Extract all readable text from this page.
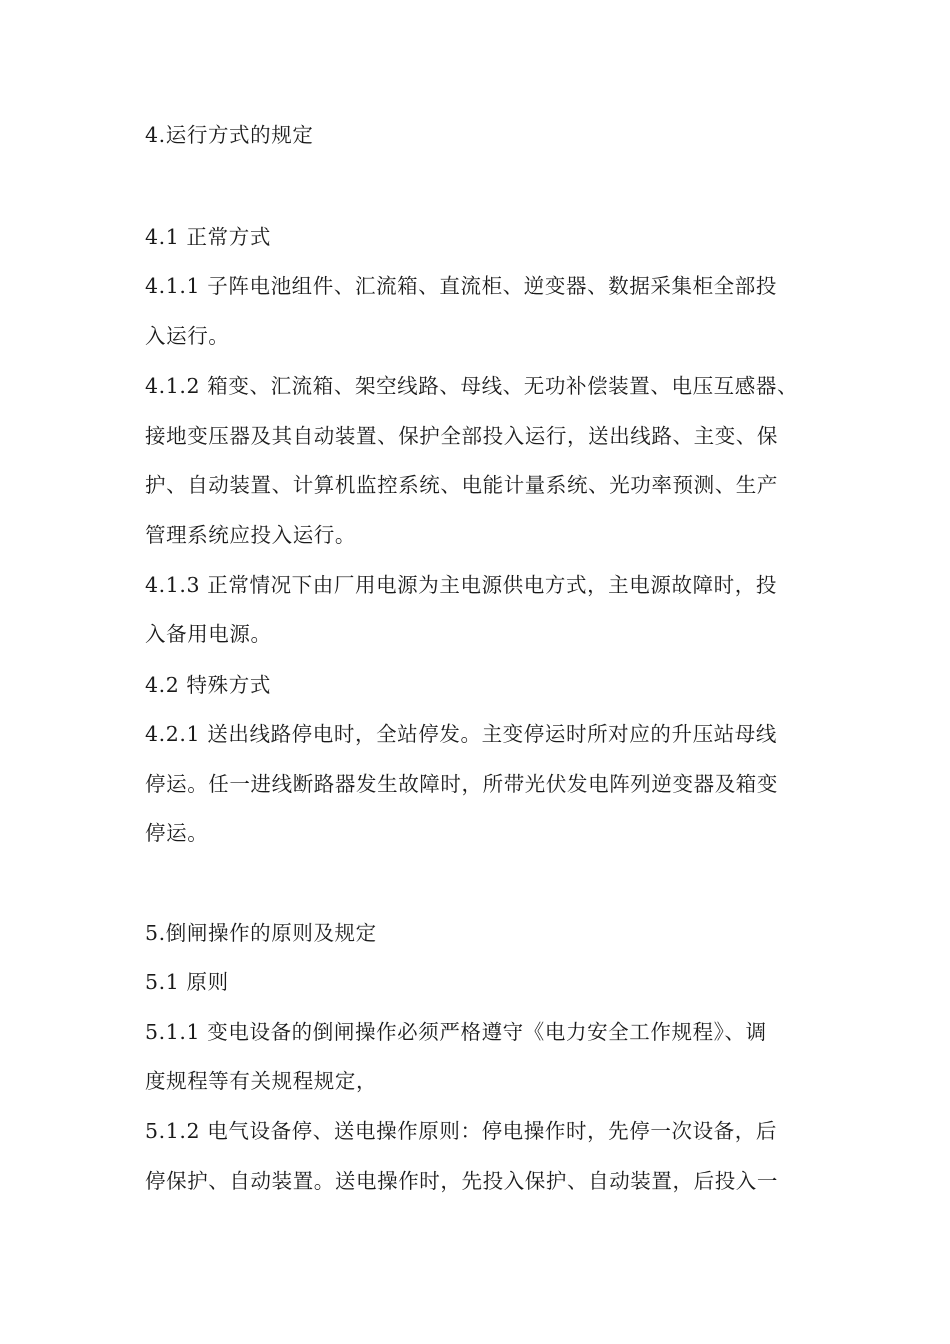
4.运行方式的规定
4.1 正常方式
4.1.1 子阵电池组件、汇流箱、直流柜、逆变器、数据采集柜全部投
入运行。
4.1.2 箱变、汇流箱、架空线路、母线、无功补偿装置、电压互感器、
接地变压器及其自动装置、保护全部投入运行，送出线路、主变、保
护、自动装置、计算机监控系统、电能计量系统、光功率预测、生产
管理系统应投入运行。
4.1.3 正常情况下由厂用电源为主电源供电方式，主电源故障时，投
入备用电源。
4.2 特殊方式
4.2.1 送出线路停电时，全站停发。主变停运时所对应的升压站母线
停运。任一进线断路器发生故障时，所带光伏发电阵列逆变器及箱变
停运。
5.倒闸操作的原则及规定
5.1 原则
5.1.1 变电设备的倒闸操作必须严格遵守《电力安全工作规程》、调
度规程等有关规程规定，
5.1.2 电气设备停、送电操作原则：停电操作时，先停一次设备，后
停保护、自动装置。送电操作时，先投入保护、自动装置，后投入一
